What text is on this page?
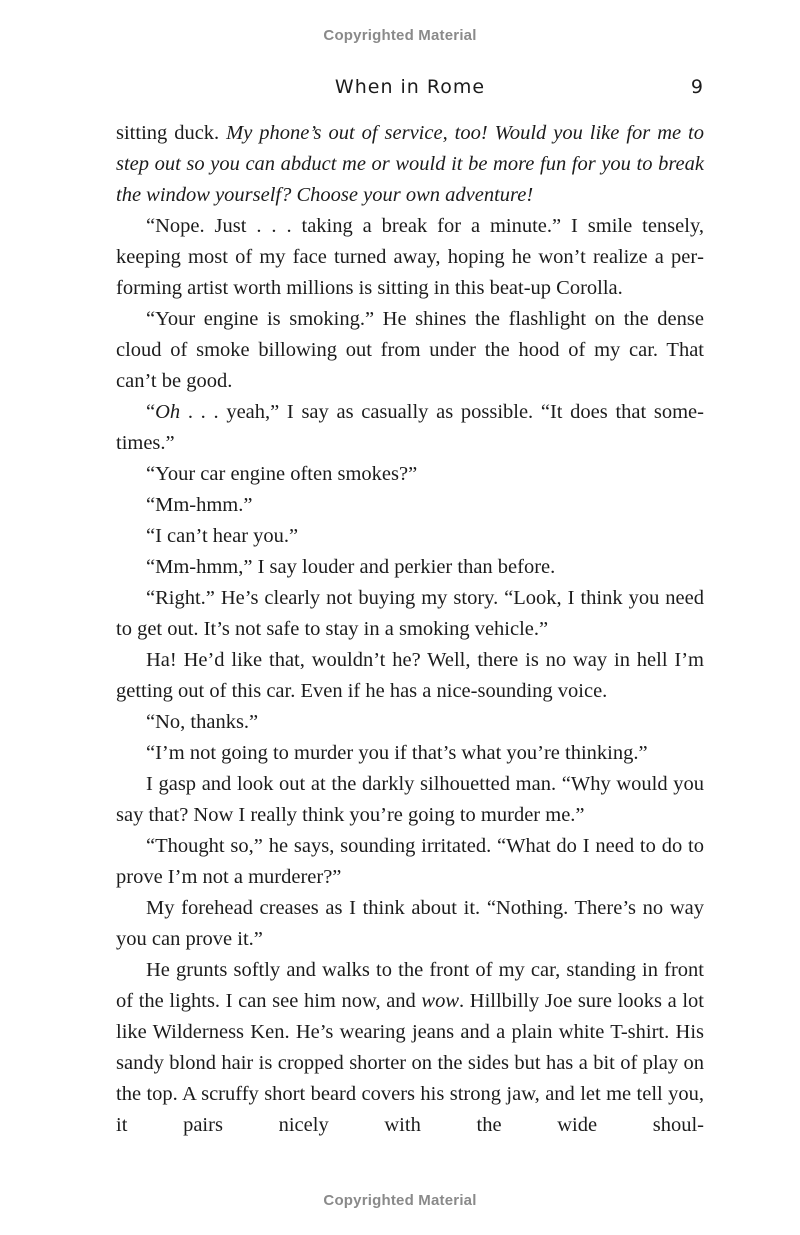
Copyrighted Material
When in Rome	9

sitting duck. My phone’s out of service, too! Would you like for me to step out so you can abduct me or would it be more fun for you to break the window yourself? Choose your own adventure!

“Nope. Just . . . taking a break for a minute.” I smile tensely, keeping most of my face turned away, hoping he won’t realize a performing artist worth millions is sitting in this beat-up Corolla.

“Your engine is smoking.” He shines the flashlight on the dense cloud of smoke billowing out from under the hood of my car. That can’t be good.

“Oh . . . yeah,” I say as casually as possible. “It does that sometimes.”

“Your car engine often smokes?”

“Mm-hmm.”

“I can’t hear you.”

“Mm-hmm,” I say louder and perkier than before.

“Right.” He’s clearly not buying my story. “Look, I think you need to get out. It’s not safe to stay in a smoking vehicle.”

Ha! He’d like that, wouldn’t he? Well, there is no way in hell I’m getting out of this car. Even if he has a nice-sounding voice.

“No, thanks.”

“I’m not going to murder you if that’s what you’re thinking.”

I gasp and look out at the darkly silhouetted man. “Why would you say that? Now I really think you’re going to murder me.”

“Thought so,” he says, sounding irritated. “What do I need to do to prove I’m not a murderer?”

My forehead creases as I think about it. “Nothing. There’s no way you can prove it.”

He grunts softly and walks to the front of my car, standing in front of the lights. I can see him now, and wow. Hillbilly Joe sure looks a lot like Wilderness Ken. He’s wearing jeans and a plain white T-shirt. His sandy blond hair is cropped shorter on the sides but has a bit of play on the top. A scruffy short beard covers his strong jaw, and let me tell you, it pairs nicely with the wide shoul-

Copyrighted Material
